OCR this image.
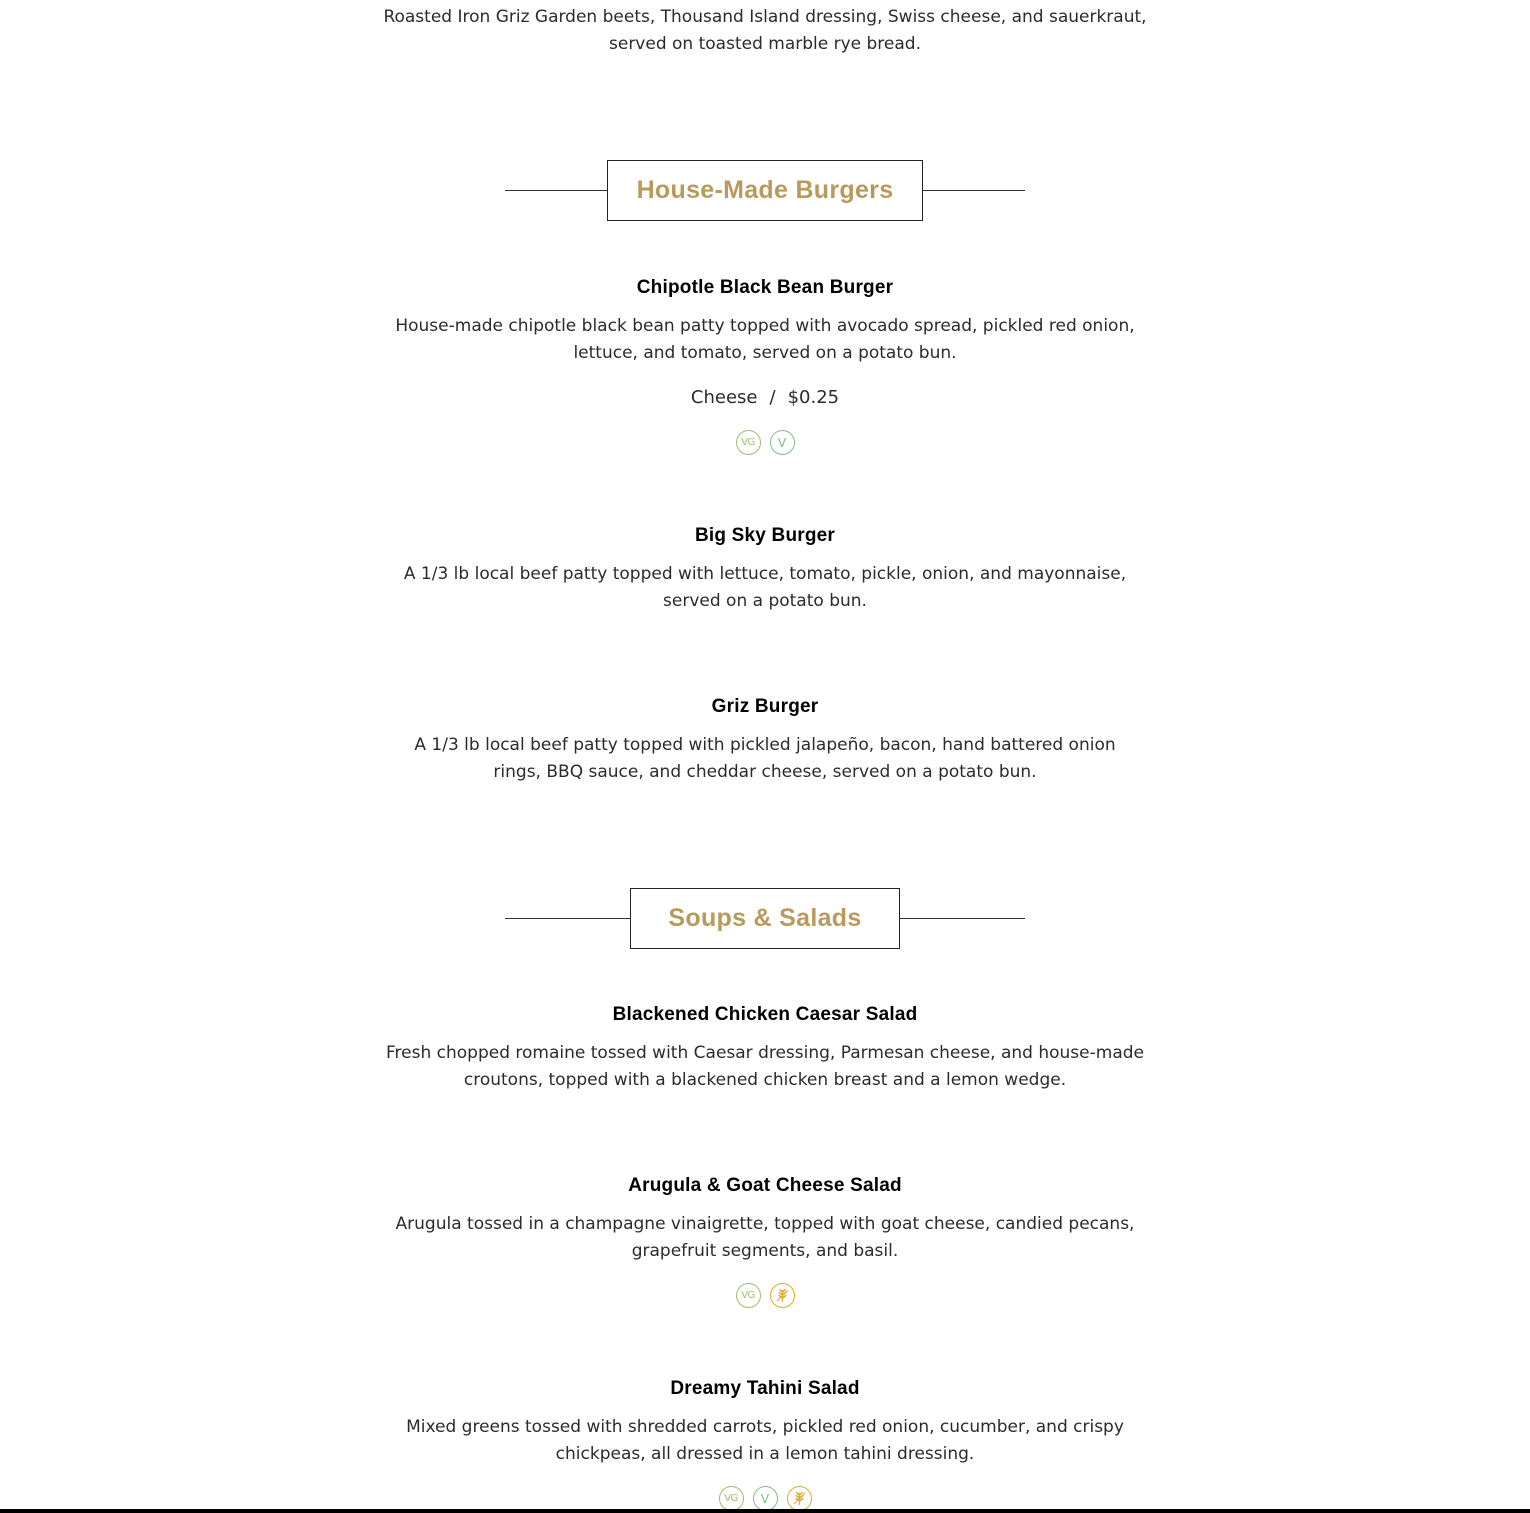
Roasted Iron Griz Garden beets, Thousand Island dressing, Swiss cheese, and sauerkraut,
served on toasted marble rye bread.

House-Made Burgers
Chipotle Black Bean Burger

House-made chipotle black bean patty topped with avocado spread, pickled red onion,
lettuce, and tomato, served on a potato bun.

Cheese / $0.25
VG	V
Big Sky Burger

A 1/3 lb local beef patty topped with lettuce, tomato, pickle, onion, and mayonnaise,
served on a potato bun.

Griz Burger

A 1/3 lb local beef patty topped with pickled jalapeño, bacon, hand battered onion
rings, BBQ sauce, and cheddar cheese, served on a potato bun.

Soups & Salads
Blackened Chicken Caesar Salad

Fresh chopped romaine tossed with Caesar dressing, Parmesan cheese, and house-made
croutons, topped with a blackened chicken breast and a lemon wedge.

Arugula & Goat Cheese Salad

Arugula tossed in a champagne vinaigrette, topped with goat cheese, candied pecans,
grapefruit segments, and basil.

VG
Dreamy Tahini Salad

Mixed greens tossed with shredded carrots, pickled red onion, cucumber, and crispy
chickpeas, all dressed in a lemon tahini dressing.

VG	V
